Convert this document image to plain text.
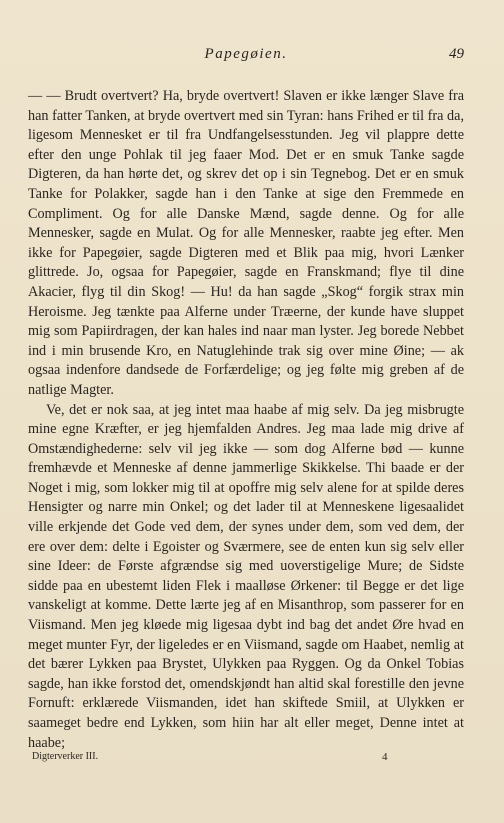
Papegøien.	49

— — Brudt overtvert? Ha, bryde overtvert! Slaven er ikke længer Slave fra han fatter Tanken, at bryde overtvert med sin Tyran: hans Frihed er til fra da, ligesom Mennesket er til fra Undfangelsesstunden. Jeg vil plappre dette efter den unge Pohlak til jeg faaer Mod. Det er en smuk Tanke sagde Digteren, da han hørte det, og skrev det op i sin Tegnebog. Det er en smuk Tanke for Polakker, sagde han i den Tanke at sige den Fremmede en Compliment. Og for alle Danske Mænd, sagde denne. Og for alle Mennesker, sagde en Mulat. Og for alle Mennesker, raabte jeg efter. Men ikke for Papegøier, sagde Digteren med et Blik paa mig, hvori Lænker glittrede. Jo, ogsaa for Papegøier, sagde en Franskmand; flye til dine Akacier, flyg til din Skog! — Hu! da han sagde „Skog“ forgik strax min Heroisme. Jeg tænkte paa Alferne under Træerne, der kunde have sluppet mig som Papiirdragen, der kan hales ind naar man lyster. Jeg borede Nebbet ind i min brusende Kro, en Natuglehinde trak sig over mine Øine; — ak ogsaa indenfore dandsede de Forfærdelige; og jeg følte mig greben af de natlige Magter.

Ve, det er nok saa, at jeg intet maa haabe af mig selv. Da jeg misbrugte mine egne Kræfter, er jeg hjemfalden Andres. Jeg maa lade mig drive af Omstændighederne: selv vil jeg ikke — som dog Alferne bød — kunne fremhævde et Menneske af denne jammerlige Skikkelse. Thi baade er der Noget i mig, som lokker mig til at opoffre mig selv alene for at spilde deres Hensigter og narre min Onkel; og det lader til at Menneskene ligesaalidet ville erkjende det Gode ved dem, der synes under dem, som ved dem, der ere over dem: delte i Egoister og Sværmere, see de enten kun sig selv eller sine Ideer: de Første afgrændse sig med uoverstigelige Mure; de Sidste sidde paa en ubestemt liden Flek i maalløse Ørkener: til Begge er det lige vanskeligt at komme. Dette lærte jeg af en Misanthrop, som passerer for en Viismand. Men jeg kløede mig ligesaa dybt ind bag det andet Øre hvad en meget munter Fyr, der ligeledes er en Viismand, sagde om Haabet, nemlig at det bærer Lykken paa Brystet, Ulykken paa Ryggen. Og da Onkel Tobias sagde, han ikke forstod det, omendskjøndt han altid skal forestille den jevne Fornuft: erklærede Viismanden, idet han skiftede Smiil, at Ulykken er saameget bedre end Lykken, som hiin har alt eller meget, Denne intet at haabe;

Digterverker III.	4
